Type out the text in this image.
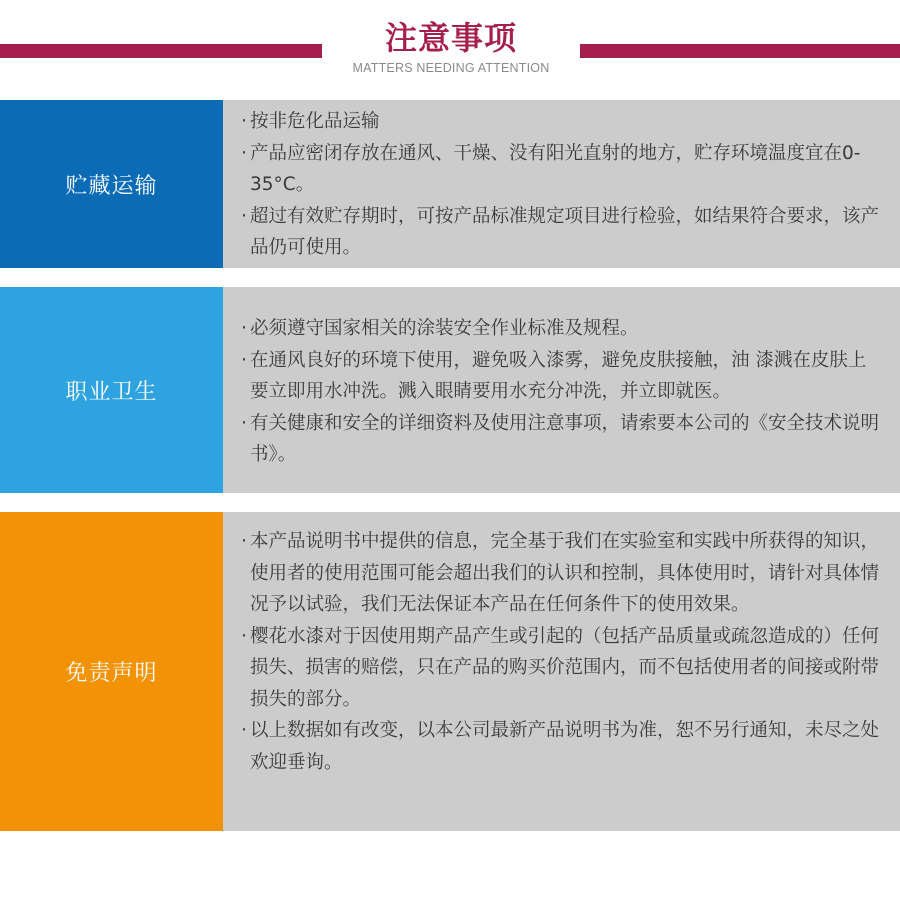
注意事项
MATTERS NEEDING ATTENTION
贮藏运输
· 按非危化品运输
· 产品应密闭存放在通风、干燥、没有阳光直射的地方，贮存环境温度宜在0-35°C。
· 超过有效贮存期时，可按产品标准规定项目进行检验，如结果符合要求，该产品仍可使用。
职业卫生
· 必须遵守国家相关的涂装安全作业标准及规程。
· 在通风良好的环境下使用，避免吸入漆雾，避免皮肤接触，油 漆溅在皮肤上要立即用水冲洗。溅入眼睛要用水充分冲洗，并立即就医。
· 有关健康和安全的详细资料及使用注意事项，请索要本公司的《安全技术说明书》。
免责声明
· 本产品说明书中提供的信息，完全基于我们在实验室和实践中所获得的知识，使用者的使用范围可能会超出我们的认识和控制，具体使用时，请针对具体情况予以试验，我们无法保证本产品在任何条件下的使用效果。
· 樱花水漆对于因使用期产品产生或引起的（包括产品质量或疏忽造成的）任何损失、损害的赔偿，只在产品的购买价范围内，而不包括使用者的间接或附带损失的部分。
· 以上数据如有改变，以本公司最新产品说明书为准，恕不另行通知，未尽之处欢迎垂询。
